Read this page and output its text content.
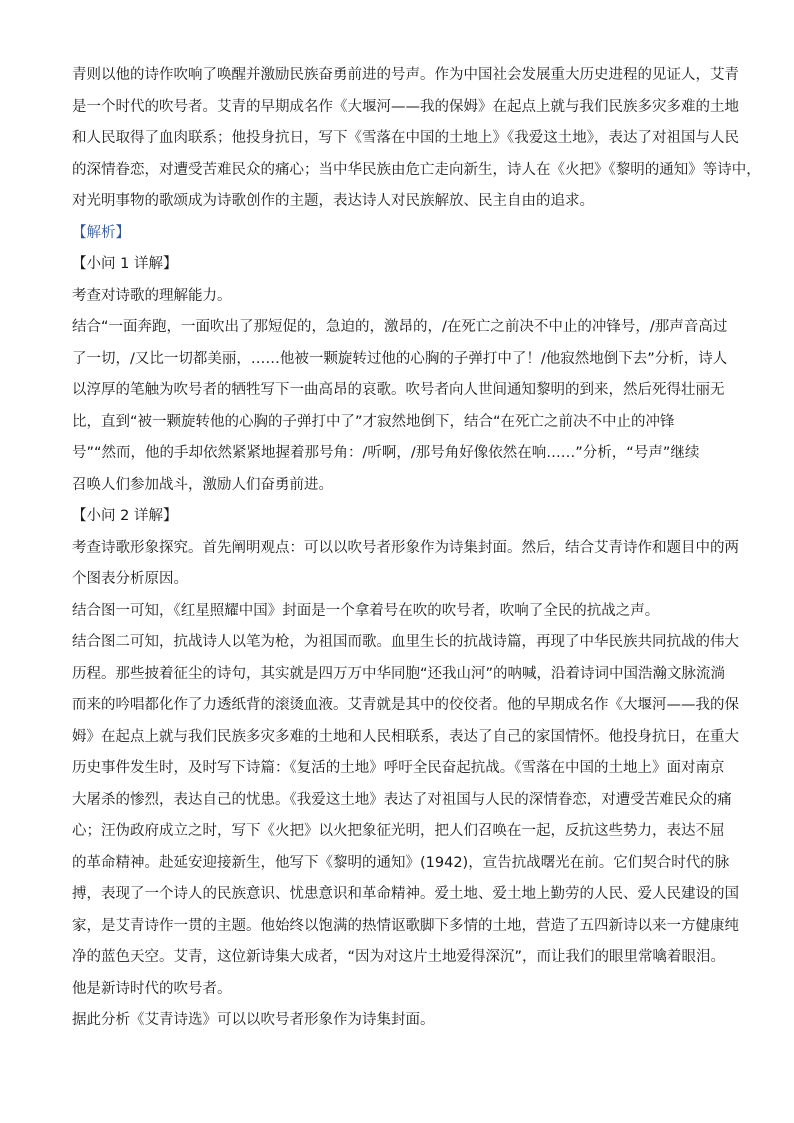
青则以他的诗作吹响了唤醒并激励民族奋勇前进的号声。作为中国社会发展重大历史进程的见证人，艾青
是一个时代的吹号者。艾青的早期成名作《大堰河——我的保姆》在起点上就与我们民族多灾多难的土地
和人民取得了血肉联系；他投身抗日，写下《雪落在中国的土地上》《我爱这土地》，表达了对祖国与人民
的深情眷恋，对遭受苦难民众的痛心；当中华民族由危亡走向新生，诗人在《火把》《黎明的通知》等诗中，
对光明事物的歌颂成为诗歌创作的主题，表达诗人对民族解放、民主自由的追求。
【解析】
【小问 1 详解】
考查对诗歌的理解能力。
结合“一面奔跑，一面吹出了那短促的，急迫的，激昂的，/在死亡之前决不中止的冲锋号，/那声音高过
了一切，/又比一切都美丽，……他被一颗旋转过他的心胸的子弹打中了！/他寂然地倒下去”分析，诗人
以淳厚的笔触为吹号者的牺牲写下一曲高昂的哀歌。吹号者向人世间通知黎明的到来，然后死得壮丽无
比，直到“被一颗旋转他的心胸的子弹打中了”才寂然地倒下，结合“在死亡之前决不中止的冲锋
号”“然而，他的手却依然紧紧地握着那号角：/听啊，/那号角好像依然在响……”分析，“号声”继续
召唤人们参加战斗，激励人们奋勇前进。
【小问 2 详解】
考查诗歌形象探究。首先阐明观点：可以以吹号者形象作为诗集封面。然后，结合艾青诗作和题目中的两
个图表分析原因。
结合图一可知，《红星照耀中国》封面是一个拿着号在吹的吹号者，吹响了全民的抗战之声。
结合图二可知，抗战诗人以笔为枪，为祖国而歌。血里生长的抗战诗篇，再现了中华民族共同抗战的伟大
历程。那些披着征尘的诗句，其实就是四万万中华同胞“还我山河”的呐喊，沿着诗词中国浩瀚文脉流淌
而来的吟唱都化作了力透纸背的滚烫血液。艾青就是其中的佼佼者。他的早期成名作《大堰河——我的保
姆》在起点上就与我们民族多灾多难的土地和人民相联系，表达了自己的家国情怀。他投身抗日，在重大
历史事件发生时，及时写下诗篇：《复活的土地》呼吁全民奋起抗战。《雪落在中国的土地上》面对南京
大屠杀的惨烈，表达自己的忧患。《我爱这土地》表达了对祖国与人民的深情眷恋，对遭受苦难民众的痛
心；汪伪政府成立之时，写下《火把》以火把象征光明，把人们召唤在一起，反抗这些势力，表达不屈
的革命精神。赴延安迎接新生，他写下《黎明的通知》(1942)，宣告抗战曙光在前。它们契合时代的脉
搏，表现了一个诗人的民族意识、忧患意识和革命精神。爱土地、爱土地上勤劳的人民、爱人民建设的国
家，是艾青诗作一贯的主题。他始终以饱满的热情讴歌脚下多情的土地，营造了五四新诗以来一方健康纯
净的蓝色天空。艾青，这位新诗集大成者，“因为对这片土地爱得深沉”，而让我们的眼里常噙着眼泪。
他是新诗时代的吹号者。
据此分析《艾青诗选》可以以吹号者形象作为诗集封面。
